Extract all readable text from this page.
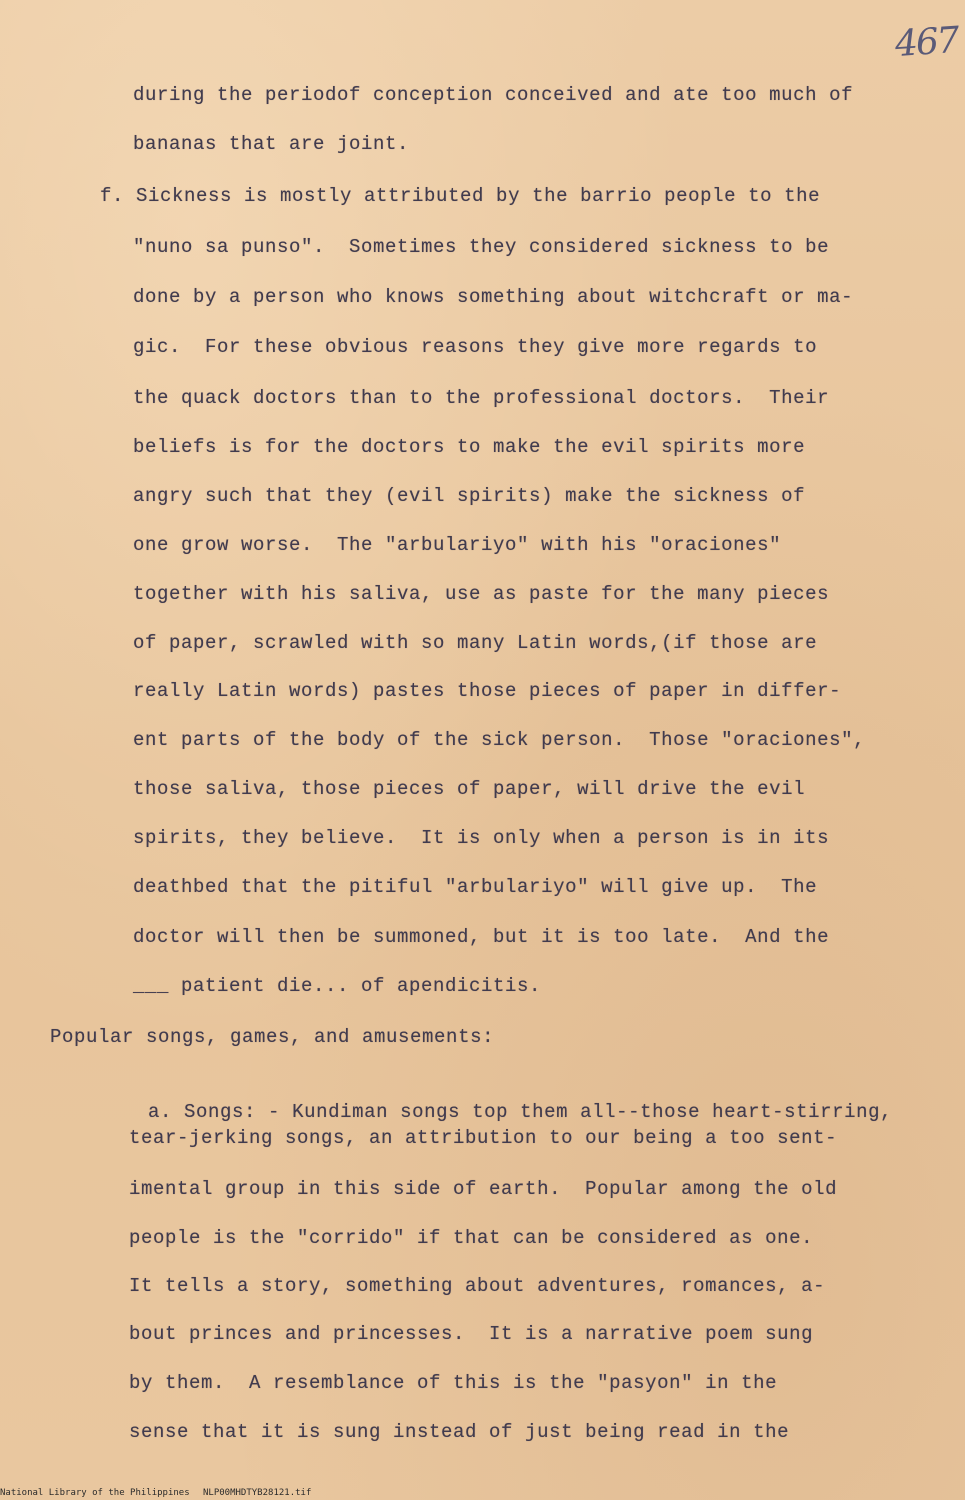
467
during the periodof conception conceived and ate too much of
bananas that are joint.
f. Sickness is mostly attributed by the barrio people to the
"nuno sa punso".  Sometimes they considered sickness to be
done by a person who knows something about witchcraft or ma-
gic.  For these obvious reasons they give more regards to
the quack doctors than to the professional doctors.  Their
beliefs is for the doctors to make the evil spirits more
angry such that they (evil spirits) make the sickness of
one grow worse.  The "arbulariyo" with his "oraciones"
together with his saliva, use as paste for the many pieces
of paper, scrawled with so many Latin words,(if those are
really Latin words) pastes those pieces of paper in differ-
ent parts of the body of the sick person.  Those "oraciones",
those saliva, those pieces of paper, will drive the evil
spirits, they believe.  It is only when a person is in its
deathbed that the pitiful "arbulariyo" will give up.  The
doctor will then be summoned, but it is too late.  And the
___ patient die... of apendicitis.
Popular songs, games, and amusements:

a. Songs: - Kundiman songs top them all--those heart-stirring,

tear-jerking songs, an attribution to our being a too sent-
imental group in this side of earth.  Popular among the old
people is the "corrido" if that can be considered as one.
It tells a story, something about adventures, romances, a-
bout princes and princesses.  It is a narrative poem sung
by them.  A resemblance of this is the "pasyon" in the
sense that it is sung instead of just being read in the
National Library of the Philippines NLP00MHDTYB28121.tif
